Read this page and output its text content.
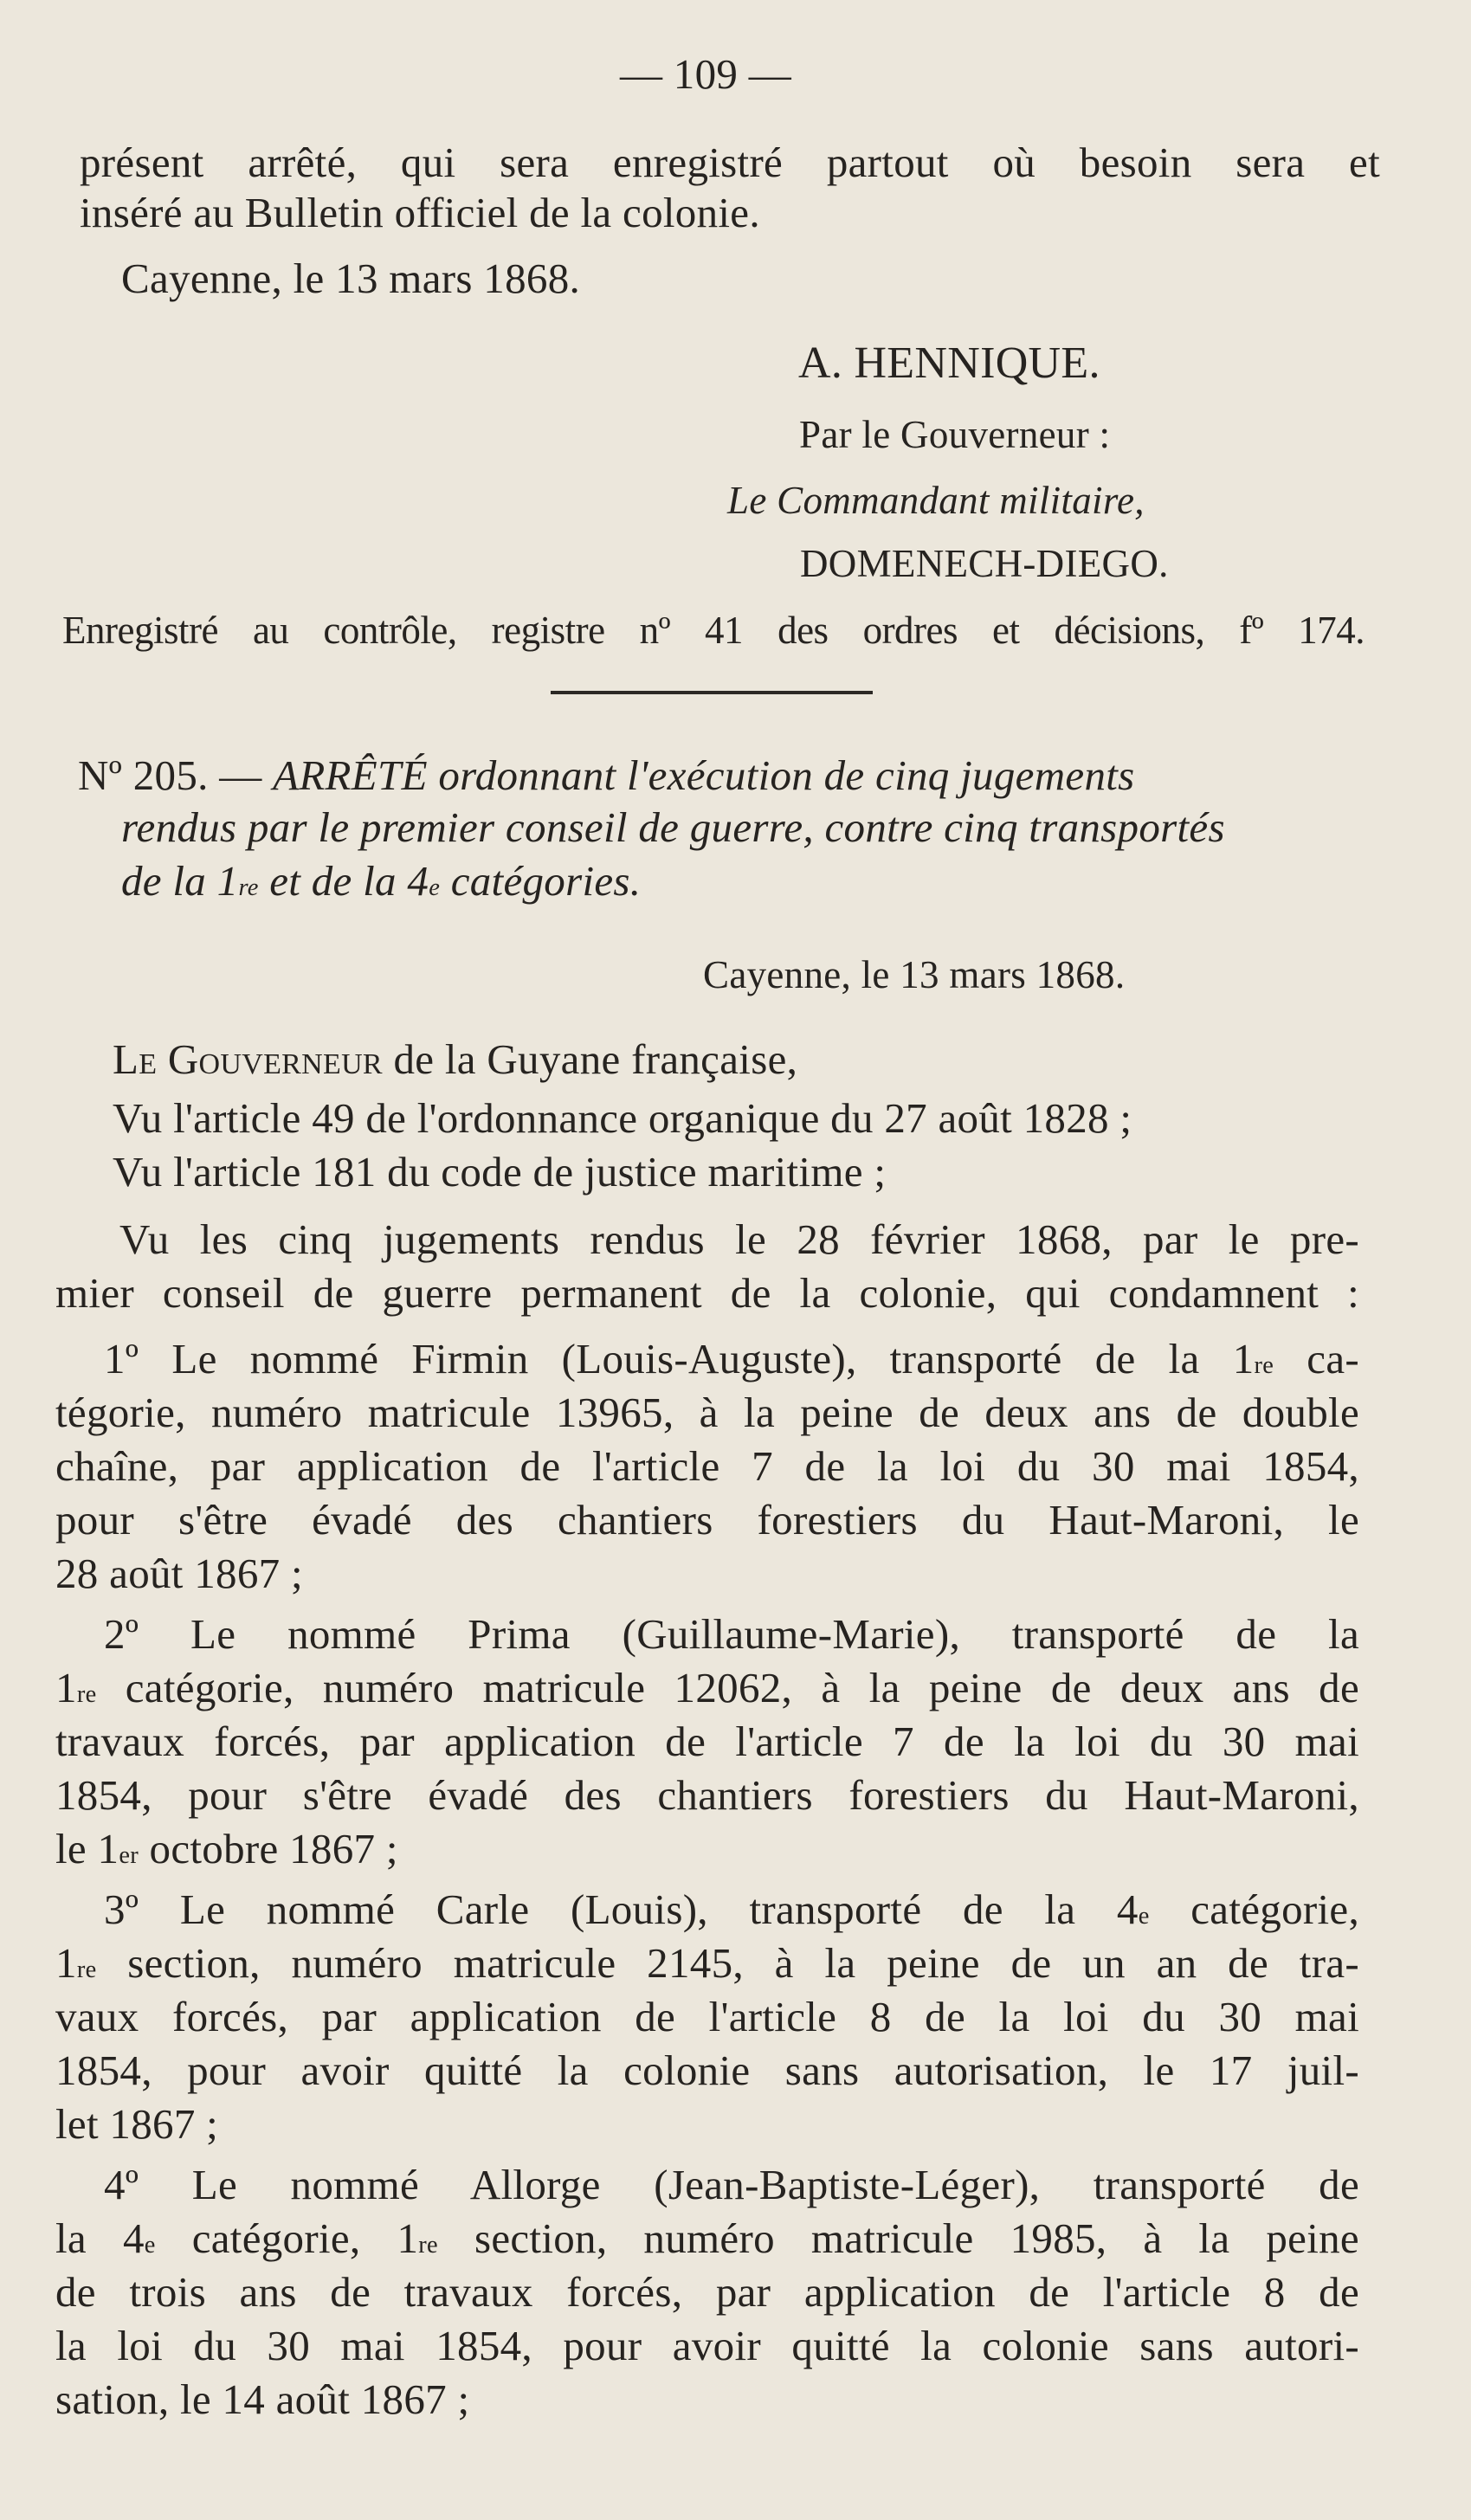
— 109 —
présent arrêté, qui sera enregistré partout où besoin sera et
inséré au Bulletin officiel de la colonie.
Cayenne, le 13 mars 1868.
A. HENNIQUE.
Par le Gouverneur :
Le Commandant militaire,
DOMENECH-DIEGO.
Enregistré au contrôle, registre nº 41 des ordres et décisions, fº 174.
Nº 205. — ARRÊTÉ ordonnant l'exécution de cinq jugements
rendus par le premier conseil de guerre, contre cinq transportés
de la 1re et de la 4e catégories.
Cayenne, le 13 mars 1868.
Le Gouverneur de la Guyane française,
Vu l'article 49 de l'ordonnance organique du 27 août 1828 ;
Vu l'article 181 du code de justice maritime ;
Vu les cinq jugements rendus le 28 février 1868, par le pre-
mier conseil de guerre permanent de la colonie, qui condamnent :
1º Le nommé Firmin (Louis-Auguste), transporté de la 1re ca-
tégorie, numéro matricule 13965, à la peine de deux ans de double
chaîne, par application de l'article 7 de la loi du 30 mai 1854,
pour s'être évadé des chantiers forestiers du Haut-Maroni, le
28 août 1867 ;
2º Le nommé Prima (Guillaume-Marie), transporté de la
1re catégorie, numéro matricule 12062, à la peine de deux ans de
travaux forcés, par application de l'article 7 de la loi du 30 mai
1854, pour s'être évadé des chantiers forestiers du Haut-Maroni,
le 1er octobre 1867 ;
3º Le nommé Carle (Louis), transporté de la 4e catégorie,
1re section, numéro matricule 2145, à la peine de un an de tra-
vaux forcés, par application de l'article 8 de la loi du 30 mai
1854, pour avoir quitté la colonie sans autorisation, le 17 juil-
let 1867 ;
4º Le nommé Allorge (Jean-Baptiste-Léger), transporté de
la 4e catégorie, 1re section, numéro matricule 1985, à la peine
de trois ans de travaux forcés, par application de l'article 8 de
la loi du 30 mai 1854, pour avoir quitté la colonie sans autori-
sation, le 14 août 1867 ;
